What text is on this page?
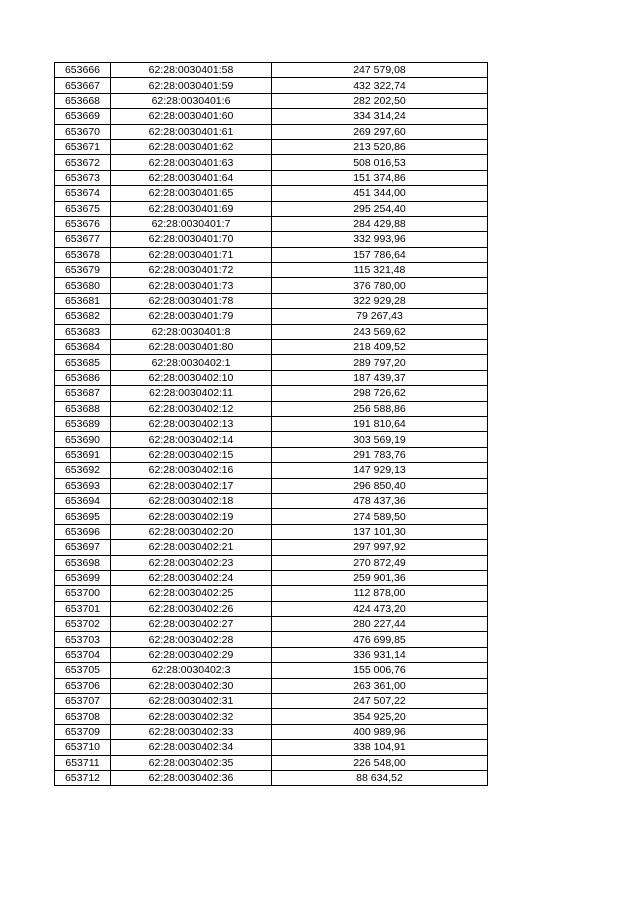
653666	62:28:0030401:58	247 579,08
653667	62:28:0030401:59	432 322,74
653668	62:28:0030401:6	282 202,50
653669	62:28:0030401:60	334 314,24
653670	62:28:0030401:61	269 297,60
653671	62:28:0030401:62	213 520,86
653672	62:28:0030401:63	508 016,53
653673	62:28:0030401:64	151 374,86
653674	62:28:0030401:65	451 344,00
653675	62:28:0030401:69	295 254,40
653676	62:28:0030401:7	284 429,88
653677	62:28:0030401:70	332 993,96
653678	62:28:0030401:71	157 786,64
653679	62:28:0030401:72	115 321,48
653680	62:28:0030401:73	376 780,00
653681	62:28:0030401:78	322 929,28
653682	62:28:0030401:79	79 267,43
653683	62:28:0030401:8	243 569,62
653684	62:28:0030401:80	218 409,52
653685	62:28:0030402:1	289 797,20
653686	62:28:0030402:10	187 439,37
653687	62:28:0030402:11	298 726,62
653688	62:28:0030402:12	256 588,86
653689	62:28:0030402:13	191 810,64
653690	62:28:0030402:14	303 569,19
653691	62:28:0030402:15	291 783,76
653692	62:28:0030402:16	147 929,13
653693	62:28:0030402:17	296 850,40
653694	62:28:0030402:18	478 437,36
653695	62:28:0030402:19	274 589,50
653696	62:28:0030402:20	137 101,30
653697	62:28:0030402:21	297 997,92
653698	62:28:0030402:23	270 872,49
653699	62:28:0030402:24	259 901,36
653700	62:28:0030402:25	112 878,00
653701	62:28:0030402:26	424 473,20
653702	62:28:0030402:27	280 227,44
653703	62:28:0030402:28	476 699,85
653704	62:28:0030402:29	336 931,14
653705	62:28:0030402:3	155 006,76
653706	62:28:0030402:30	263 361,00
653707	62:28:0030402:31	247 507,22
653708	62:28:0030402:32	354 925,20
653709	62:28:0030402:33	400 989,96
653710	62:28:0030402:34	338 104,91
653711	62:28:0030402:35	226 548,00
653712	62:28:0030402:36	88 634,52
